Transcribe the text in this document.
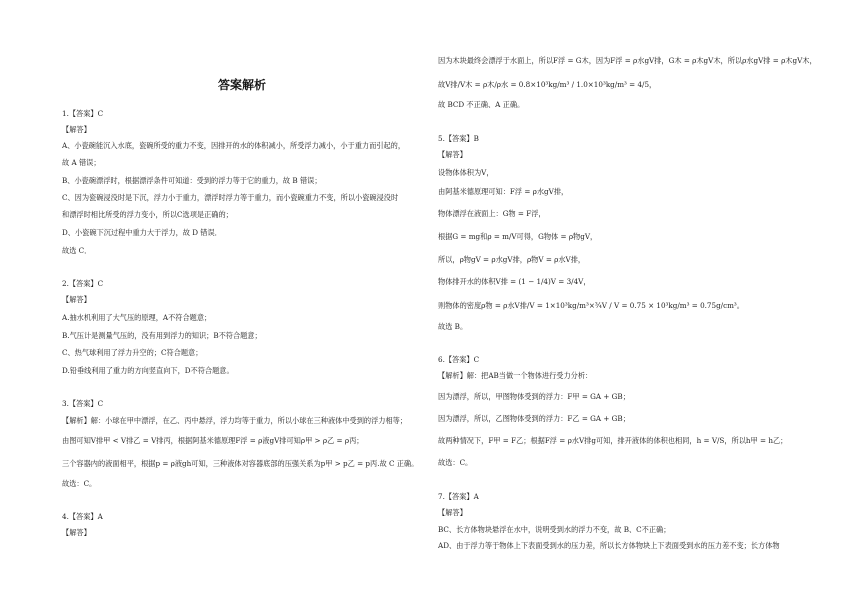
答案解析
1.【答案】C
【解答】
A、小瓷碗能沉入水底，瓷碗所受的重力不变，因排开的水的体积减小，所受浮力减小，小于重力而引起的，
故 A 错误；
B、小瓷碗漂浮时，根据漂浮条件可知道：受到的浮力等于它的重力，故 B 错误；
C、因为瓷碗浸没时是下沉，浮力小于重力，漂浮时浮力等于重力，而小瓷碗重力不变，所以小瓷碗浸没时
和漂浮时相比所受的浮力变小，所以C选项是正确的；
D、小瓷碗下沉过程中重力大于浮力，故 D 错误．
故选 C．
2.【答案】C
【解答】
A.抽水机利用了大气压的原理，A不符合题意；
B.气压计是测量气压的，没有用到浮力的知识；B不符合题意；
C、热气球利用了浮力升空的；C符合题意；
D.铅垂线利用了重力的方向竖直向下，D不符合题意。
3.【答案】C
【解析】解：小球在甲中漂浮，在乙、丙中悬浮，浮力均等于重力，所以小球在三种液体中受到的浮力相等；
由图可知V排甲 < V排乙 = V排丙，根据阿基米德原理F浮 = ρ液gV排可知ρ甲 > ρ乙 = ρ丙；
三个容器内的液面相平，根据p = ρ液gh可知，三种液体对容器底部的压强关系为p甲 > p乙 = p丙.故 C 正确。
故选：C。
4.【答案】A
【解答】
因为木块最终会漂浮于水面上，所以F浮 = G木，因为F浮 = ρ水gV排，G木 = ρ木gV木，所以ρ水gV排 = ρ木gV木，
故V排/V木 = ρ木/ρ水 = 0.8×10³kg/m³ / 1.0×10³kg/m³ = 4/5，
故 BCD 不正确、A 正确。
5.【答案】B
【解答】
设物体体积为V，
由阿基米德原理可知：F浮 = ρ水gV排，
物体漂浮在液面上：G物 = F浮，
根据G = mg和ρ = m/V可得，G物体 = ρ物gV，
所以，ρ物gV = ρ水gV排，ρ物V = ρ水V排，
物体排开水的体积V排 = (1 − 1/4)V = 3/4V，
则物体的密度ρ物 = ρ水V排/V = 1×10³kg/m³×¾V / V = 0.75 × 10³kg/m³ = 0.75g/cm³。
故选 B。
6.【答案】C
【解析】解：把AB当做一个物体进行受力分析：
因为漂浮，所以，甲图物体受到的浮力：F甲 = GA + GB；
因为漂浮，所以，乙图物体受到的浮力：F乙 = GA + GB；
故两种情况下，F甲 = F乙；根据F浮 = ρ水V排g可知，排开液体的体积也相同，h = V/S，所以h甲 = h乙；
故选：C。
7.【答案】A
【解答】
BC、长方体物块悬浮在水中，说明受到水的浮力不变，故 B、C不正确；
AD、由于浮力等于物体上下表面受到水的压力差，所以长方体物块上下表面受到水的压力差不变；长方体物
